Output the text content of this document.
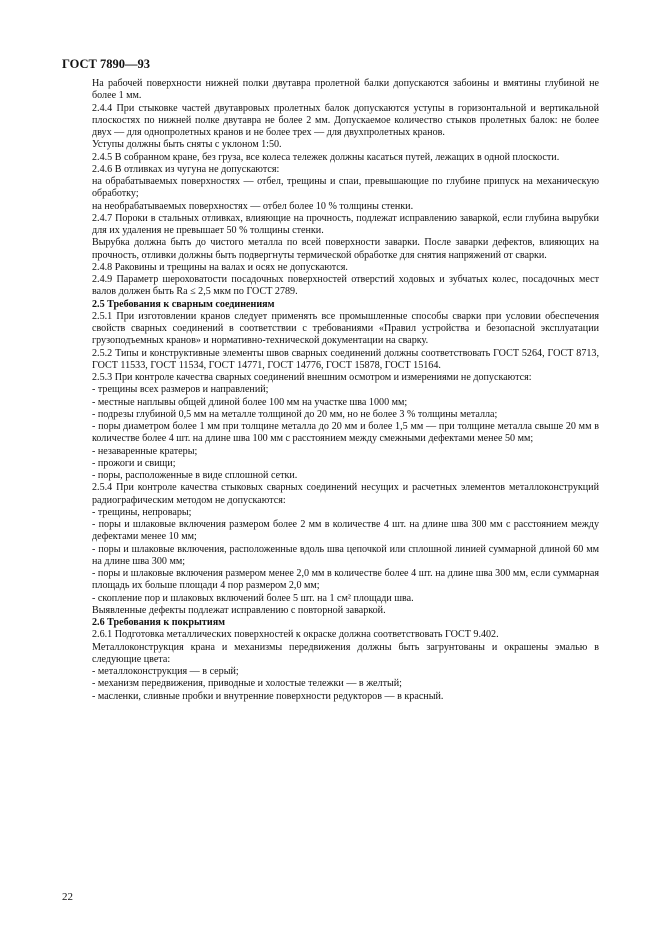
ГОСТ 7890—93

На рабочей поверхности нижней полки двутавра пролетной балки допускаются забоины и вмятины глубиной не более 1 мм.

2.4.4 При стыковке частей двутавровых пролетных балок допускаются уступы в горизонтальной и вертикальной плоскостях по нижней полке двутавра не более 2 мм. Допускаемое количество стыков пролетных балок: не более двух — для однопролетных кранов и не более трех — для двухпролетных кранов.

Уступы должны быть сняты с уклоном 1:50.

2.4.5 В собранном кране, без груза, все колеса тележек должны касаться путей, лежащих в одной плоскости.

2.4.6 В отливках из чугуна не допускаются:

на обрабатываемых поверхностях — отбел, трещины и спаи, превышающие по глубине припуск на механическую обработку;

на необрабатываемых поверхностях — отбел более 10 % толщины стенки.

2.4.7 Пороки в стальных отливках, влияющие на прочность, подлежат исправлению заваркой, если глубина вырубки для их удаления не превышает 50 % толщины стенки.

Вырубка должна быть до чистого металла по всей поверхности заварки. После заварки дефектов, влияющих на прочность, отливки должны быть подвергнуты термической обработке для снятия напряжений от сварки.

2.4.8 Раковины и трещины на валах и осях не допускаются.

2.4.9 Параметр шероховатости посадочных поверхностей отверстий ходовых и зубчатых колес, посадочных мест валов должен быть Ra ≤ 2,5 мкм по ГОСТ 2789.

2.5 Требования к сварным соединениям

2.5.1 При изготовлении кранов следует применять все промышленные способы сварки при условии обеспечения свойств сварных соединений в соответствии с требованиями «Правил устройства и безопасной эксплуатации грузоподъемных кранов» и нормативно-технической документации на сварку.

2.5.2 Типы и конструктивные элементы швов сварных соединений должны соответствовать ГОСТ 5264, ГОСТ 8713, ГОСТ 11533, ГОСТ 11534, ГОСТ 14771, ГОСТ 14776, ГОСТ 15878, ГОСТ 15164.

2.5.3 При контроле качества сварных соединений внешним осмотром и измерениями не допускаются:

- трещины всех размеров и направлений;

- местные наплывы общей длиной более 100 мм на участке шва 1000 мм;

- подрезы глубиной 0,5 мм на металле толщиной до 20 мм, но не более 3 % толщины металла;

- поры диаметром более 1 мм при толщине металла до 20 мм и более 1,5 мм — при толщине металла свыше 20 мм в количестве более 4 шт. на длине шва 100 мм с расстоянием между смежными дефектами менее 50 мм;

- незаваренные кратеры;

- прожоги и свищи;

- поры, расположенные в виде сплошной сетки.

2.5.4 При контроле качества стыковых сварных соединений несущих и расчетных элементов металлоконструкций радиографическим методом не допускаются:

- трещины, непровары;

- поры и шлаковые включения размером более 2 мм в количестве 4 шт. на длине шва 300 мм с расстоянием между дефектами менее 10 мм;

- поры и шлаковые включения, расположенные вдоль шва цепочкой или сплошной линией суммарной длиной 60 мм на длине шва 300 мм;

- поры и шлаковые включения размером менее 2,0 мм в количестве более 4 шт. на длине шва 300 мм, если суммарная площадь их больше площади 4 пор размером 2,0 мм;

- скопление пор и шлаковых включений более 5 шт. на 1 см² площади шва.

Выявленные дефекты подлежат исправлению с повторной заваркой.

2.6 Требования к покрытиям

2.6.1 Подготовка металлических поверхностей к окраске должна соответствовать ГОСТ 9.402.

Металлоконструкция крана и механизмы передвижения должны быть загрунтованы и окрашены эмалью в следующие цвета:

- металлоконструкция — в серый;

- механизм передвижения, приводные и холостые тележки — в желтый;

- масленки, сливные пробки и внутренние поверхности редукторов — в красный.

22
